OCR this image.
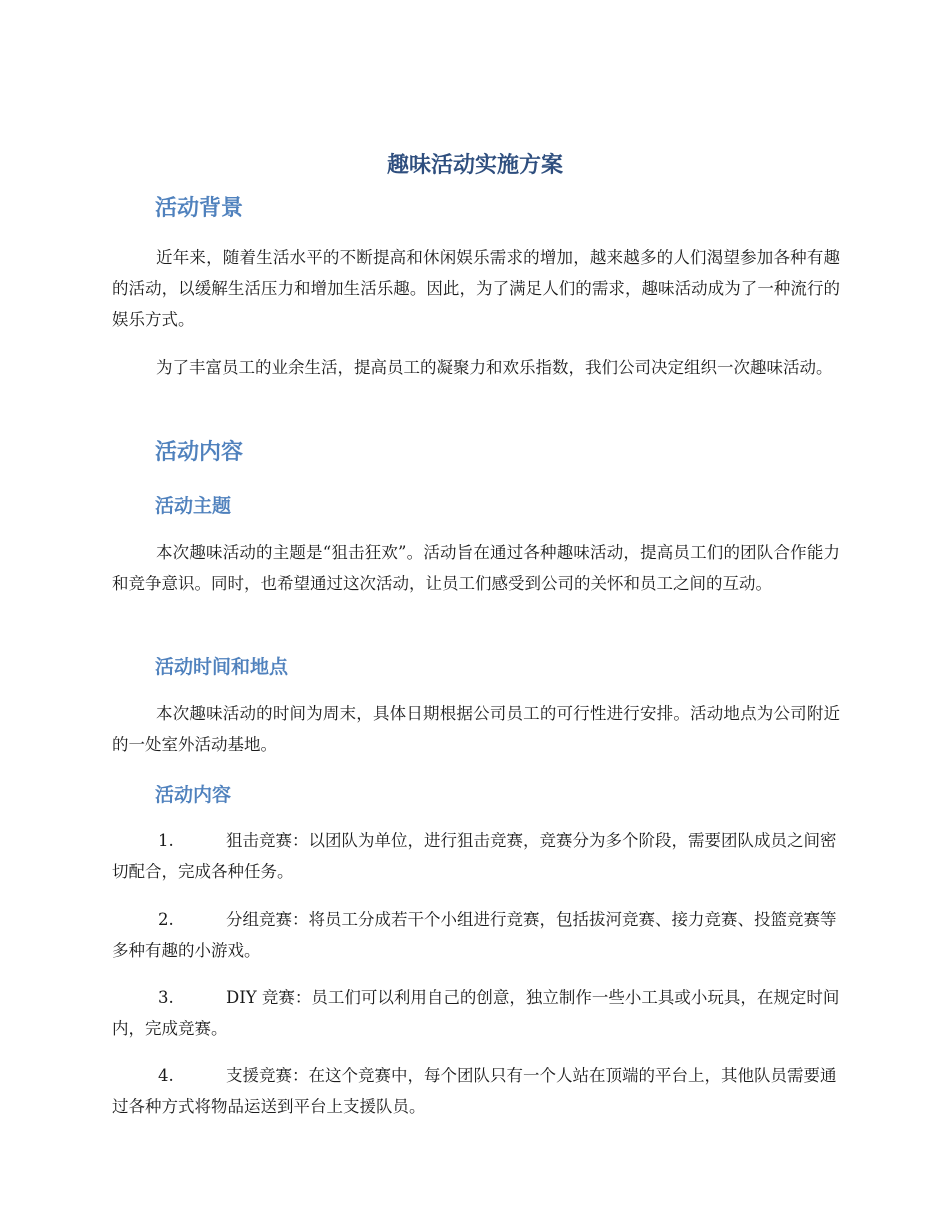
趣味活动实施方案
活动背景

近年来，随着生活水平的不断提高和休闲娱乐需求的增加，越来越多的人们渴望参加各种有趣的活动，以缓解生活压力和增加生活乐趣。因此，为了满足人们的需求，趣味活动成为了一种流行的娱乐方式。

为了丰富员工的业余生活，提高员工的凝聚力和欢乐指数，我们公司决定组织一次趣味活动。

活动内容
活动主题

本次趣味活动的主题是“狙击狂欢”。活动旨在通过各种趣味活动，提高员工们的团队合作能力和竞争意识。同时，也希望通过这次活动，让员工们感受到公司的关怀和员工之间的互动。

活动时间和地点

本次趣味活动的时间为周末，具体日期根据公司员工的可行性进行安排。活动地点为公司附近的一处室外活动基地。

活动内容

1.	狙击竞赛：以团队为单位，进行狙击竞赛，竞赛分为多个阶段，需要团队成员之间密切配合，完成各种任务。

2.	分组竞赛：将员工分成若干个小组进行竞赛，包括拔河竞赛、接力竞赛、投篮竞赛等多种有趣的小游戏。

3.	DIY 竞赛：员工们可以利用自己的创意，独立制作一些小工具或小玩具，在规定时间内，完成竞赛。

4.	支援竞赛：在这个竞赛中，每个团队只有一个人站在顶端的平台上，其他队员需要通过各种方式将物品运送到平台上支援队员。
